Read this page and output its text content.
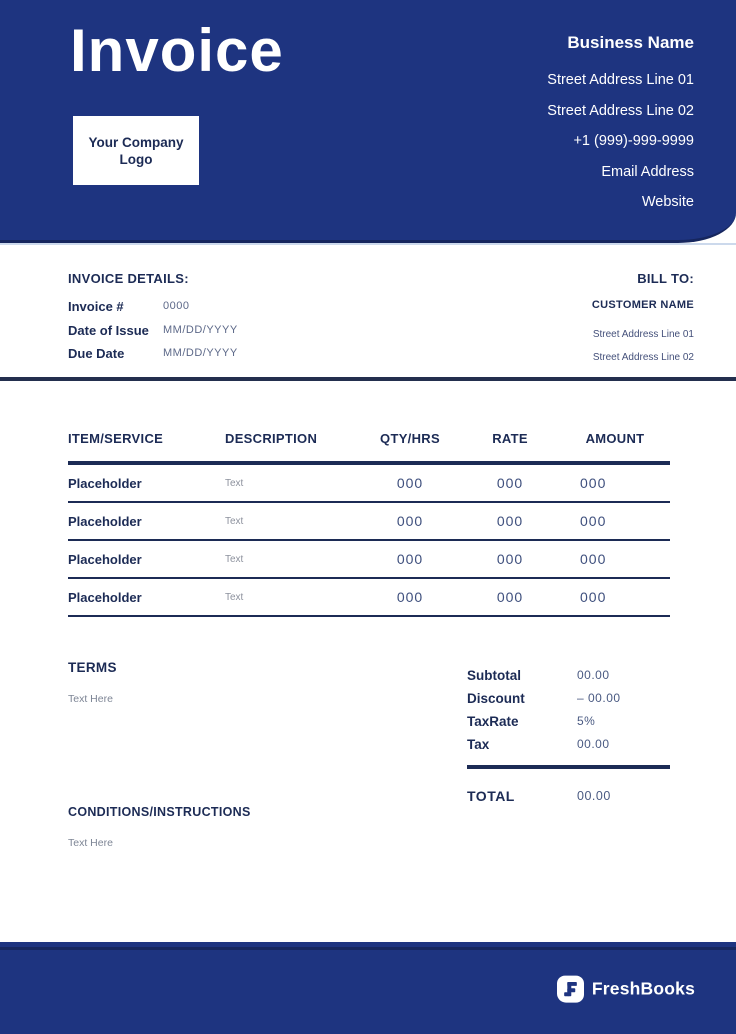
Invoice
Your Company
Logo
Business Name
Street Address Line 01
Street Address Line 02
+1 (999)-999-9999
Email Address
Website
INVOICE DETAILS:
Invoice #	0000
Date of Issue	MM/DD/YYYY
Due Date	MM/DD/YYYY
BILL TO:
CUSTOMER NAME
Street Address Line 01
Street Address Line 02
ITEM/SERVICE	DESCRIPTION	QTY/HRS	RATE	AMOUNT
Placeholder	Text	000	000	000
Placeholder	Text	000	000	000
Placeholder	Text	000	000	000
Placeholder	Text	000	000	000
TERMS
Text Here
CONDITIONS/INSTRUCTIONS
Text Here
Subtotal	00.00
Discount	– 00.00
TaxRate	5%
Tax	00.00
TOTAL	00.00
FreshBooks
